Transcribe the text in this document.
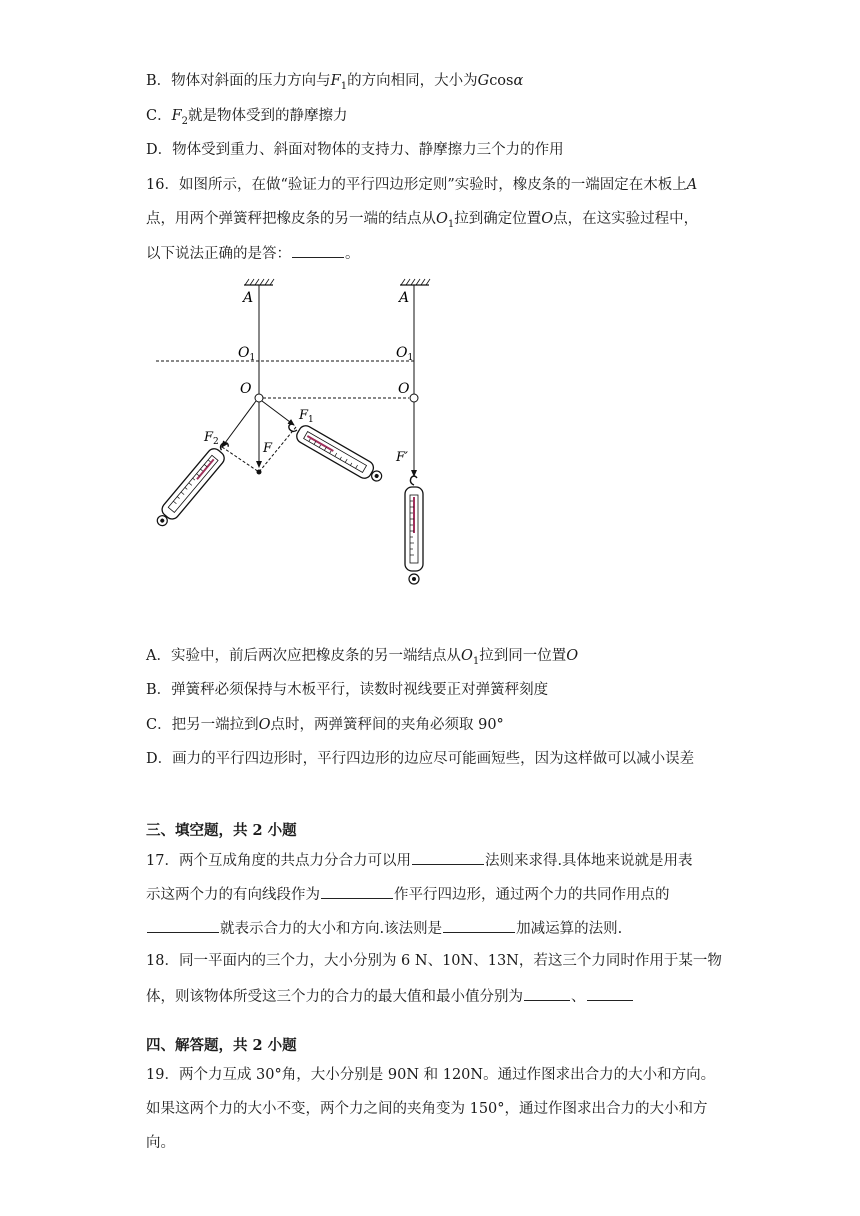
B．物体对斜面的压力方向与$F_1$的方向相同，大小为Gcosα
C．$F_2$就是物体受到的静摩擦力
D．物体受到重力、斜面对物体的支持力、静摩擦力三个力的作用
16．如图所示，在做“验证力的平行四边形定则”实验时，橡皮条的一端固定在木板上A
点，用两个弹簧秤把橡皮条的另一端的结点从$O_1$拉到确定位置O点，在这实验过程中，
以下说法正确的是答：	。
A
$O_1$
O
$F_2$	F
$F_1$
A
$O_1$
O
F′
A．实验中，前后两次应把橡皮条的另一端结点从$O_1$拉到同一位置O
B．弹簧秤必须保持与木板平行，读数时视线要正对弹簧秤刻度
C．把另一端拉到O点时，两弹簧秤间的夹角必须取 90°
D．画力的平行四边形时，平行四边形的边应尽可能画短些，因为这样做可以减小误差
三、填空题，共 2 小题
17．两个互成角度的共点力分合力可以用	法则来求得.具体地来说就是用表
示这两个力的有向线段作为	作平行四边形，通过两个力的共同作用点的
就表示合力的大小和方向.该法则是	加减运算的法则.
18．同一平面内的三个力，大小分别为 6 N、10N、13N，若这三个力同时作用于某一物
体，则该物体所受这三个力的合力的最大值和最小值分别为	、
四、解答题，共 2 小题
19．两个力互成 30°角，大小分别是 90N 和 120N。通过作图求出合力的大小和方向。
如果这两个力的大小不变，两个力之间的夹角变为 150°，通过作图求出合力的大小和方
向。
